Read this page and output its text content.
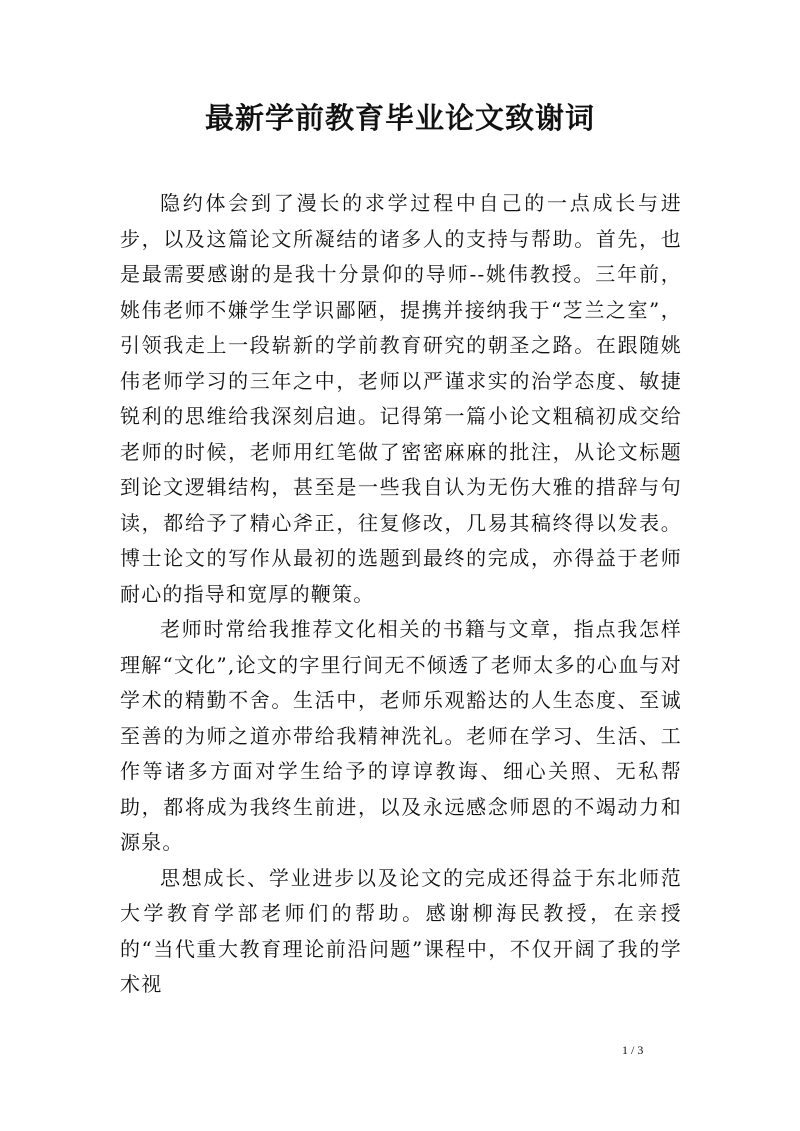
最新学前教育毕业论文致谢词

隐约体会到了漫长的求学过程中自己的一点成长与进步，以及这篇论文所凝结的诸多人的支持与帮助。首先，也是最需要感谢的是我十分景仰的导师--姚伟教授。三年前，姚伟老师不嫌学生学识鄙陋，提携并接纳我于“芝兰之室”，引领我走上一段崭新的学前教育研究的朝圣之路。在跟随姚伟老师学习的三年之中，老师以严谨求实的治学态度、敏捷锐利的思维给我深刻启迪。记得第一篇小论文粗稿初成交给老师的时候，老师用红笔做了密密麻麻的批注，从论文标题到论文逻辑结构，甚至是一些我自认为无伤大雅的措辞与句读，都给予了精心斧正，往复修改，几易其稿终得以发表。博士论文的写作从最初的选题到最终的完成，亦得益于老师耐心的指导和宽厚的鞭策。

老师时常给我推荐文化相关的书籍与文章，指点我怎样理解“文化”,论文的字里行间无不倾透了老师太多的心血与对学术的精勤不舍。生活中，老师乐观豁达的人生态度、至诚至善的为师之道亦带给我精神洗礼。老师在学习、生活、工作等诸多方面对学生给予的谆谆教诲、细心关照、无私帮助，都将成为我终生前进，以及永远感念师恩的不竭动力和源泉。

思想成长、学业进步以及论文的完成还得益于东北师范大学教育学部老师们的帮助。感谢柳海民教授，在亲授的“当代重大教育理论前沿问题”课程中，不仅开阔了我的学术视

1 / 3
